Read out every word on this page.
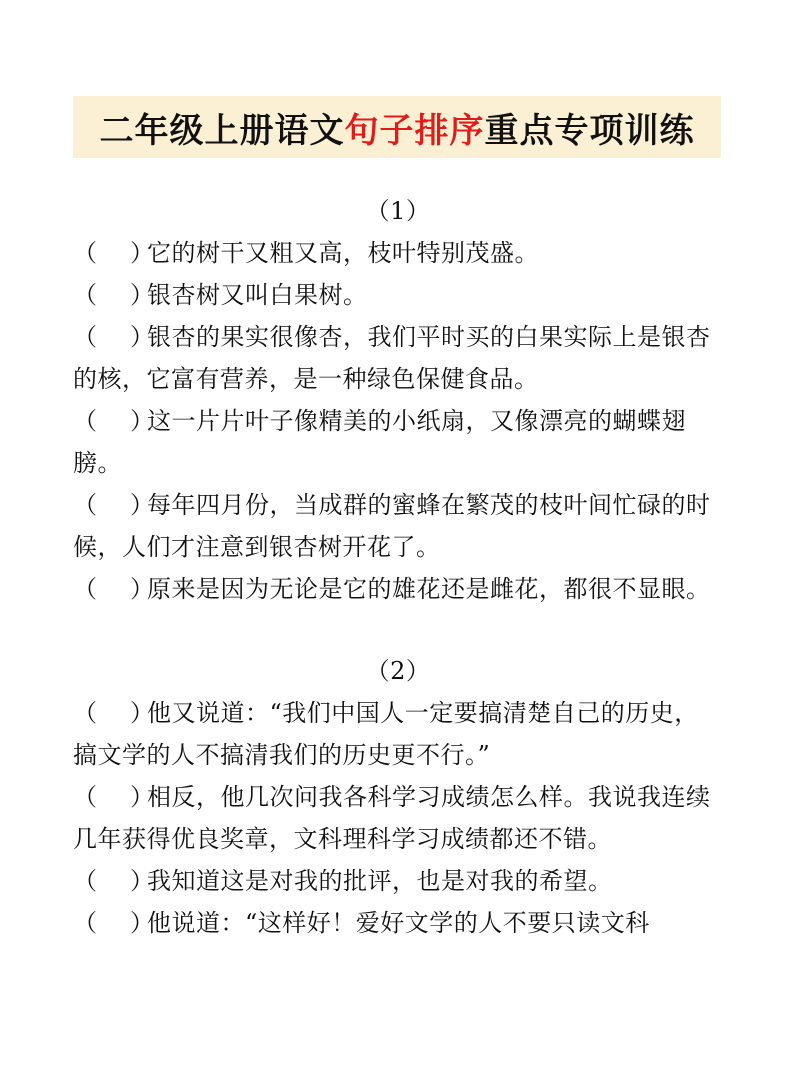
二年级上册语文句子排序重点专项训练
（1）
（    ）它的树干又粗又高，枝叶特别茂盛。
（    ）银杏树又叫白果树。
（    ）银杏的果实很像杏，我们平时买的白果实际上是银杏的核，它富有营养，是一种绿色保健食品。
（    ）这一片片叶子像精美的小纸扇，又像漂亮的蝴蝶翅膀。
（    ）每年四月份，当成群的蜜蜂在繁茂的枝叶间忙碌的时候，人们才注意到银杏树开花了。
（    ）原来是因为无论是它的雄花还是雌花，都很不显眼。
（2）
（    ）他又说道：“我们中国人一定要搞清楚自己的历史，搞文学的人不搞清我们的历史更不行。”
（    ）相反，他几次问我各科学习成绩怎么样。我说我连续几年获得优良奖章，文科理科学习成绩都还不错。
（    ）我知道这是对我的批评，也是对我的希望。
（    ）他说道：“这样好！爱好文学的人不要只读文科
